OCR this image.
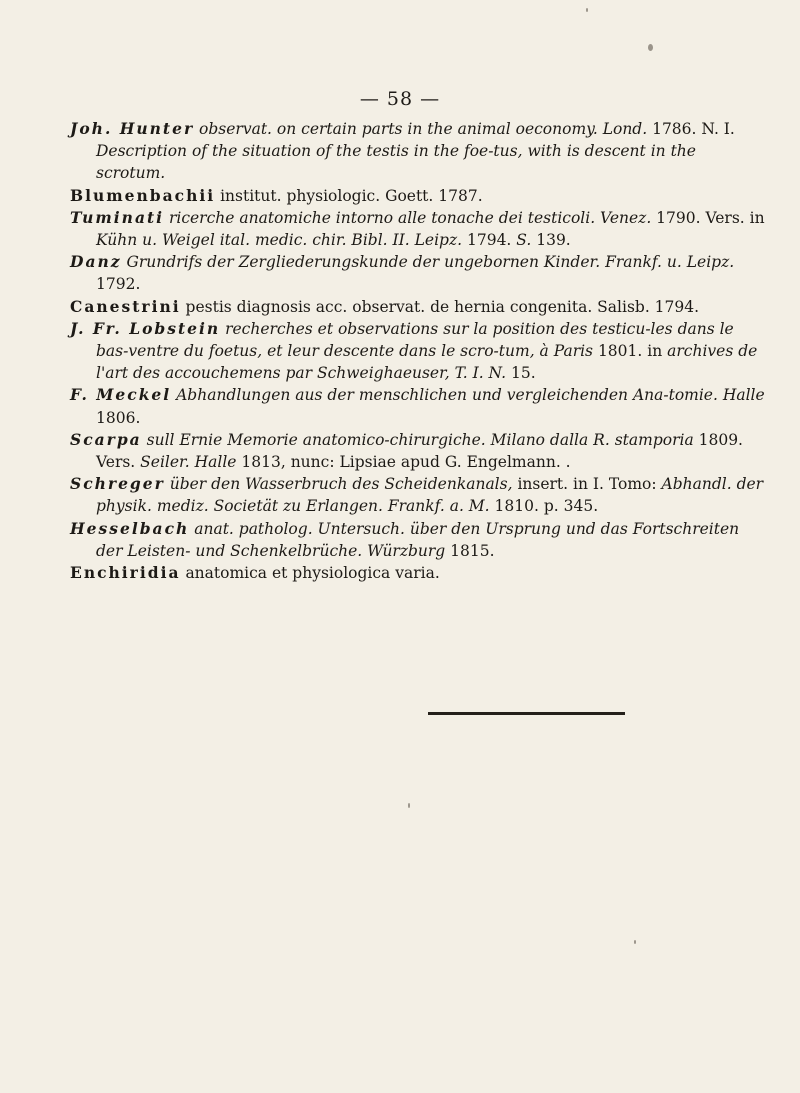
— 58 —

Joh. Hunter observat. on certain parts in the animal oeconomy. Lond. 1786. N. I. Description of the situation of the testis in the foe-tus, with is descent in the scrotum.

Blumenbachii institut. physiologic. Goett. 1787.

Tuminati ricerche anatomiche intorno alle tonache dei testicoli. Venez. 1790. Vers. in Kühn u. Weigel ital. medic. chir. Bibl. II. Leipz. 1794. S. 139.

Danz Grundrifs der Zergliederungskunde der ungebornen Kinder. Frankf. u. Leipz. 1792.

Canestrini pestis diagnosis acc. observat. de hernia congenita. Salisb. 1794.

J. Fr. Lobstein recherches et observations sur la position des testicu-les dans le bas-ventre du foetus, et leur descente dans le scro-tum, à Paris 1801. in archives de l'art des accouchemens par Schweighaeuser, T. I. N. 15.

F. Meckel Abhandlungen aus der menschlichen und vergleichenden Ana-tomie. Halle 1806.

Scarpa sull Ernie Memorie anatomico-chirurgiche. Milano dalla R. stamporia 1809. Vers. Seiler. Halle 1813, nunc: Lipsiae apud G. Engelmann. .

Schreger über den Wasserbruch des Scheidenkanals, insert. in I. Tomo: Abhandl. der physik. mediz. Societät zu Erlangen. Frankf. a. M. 1810. p. 345.

Hesselbach anat. patholog. Untersuch. über den Ursprung und das Fortschreiten der Leisten- und Schenkelbrüche. Würzburg 1815.

Enchiridia anatomica et physiologica varia.
